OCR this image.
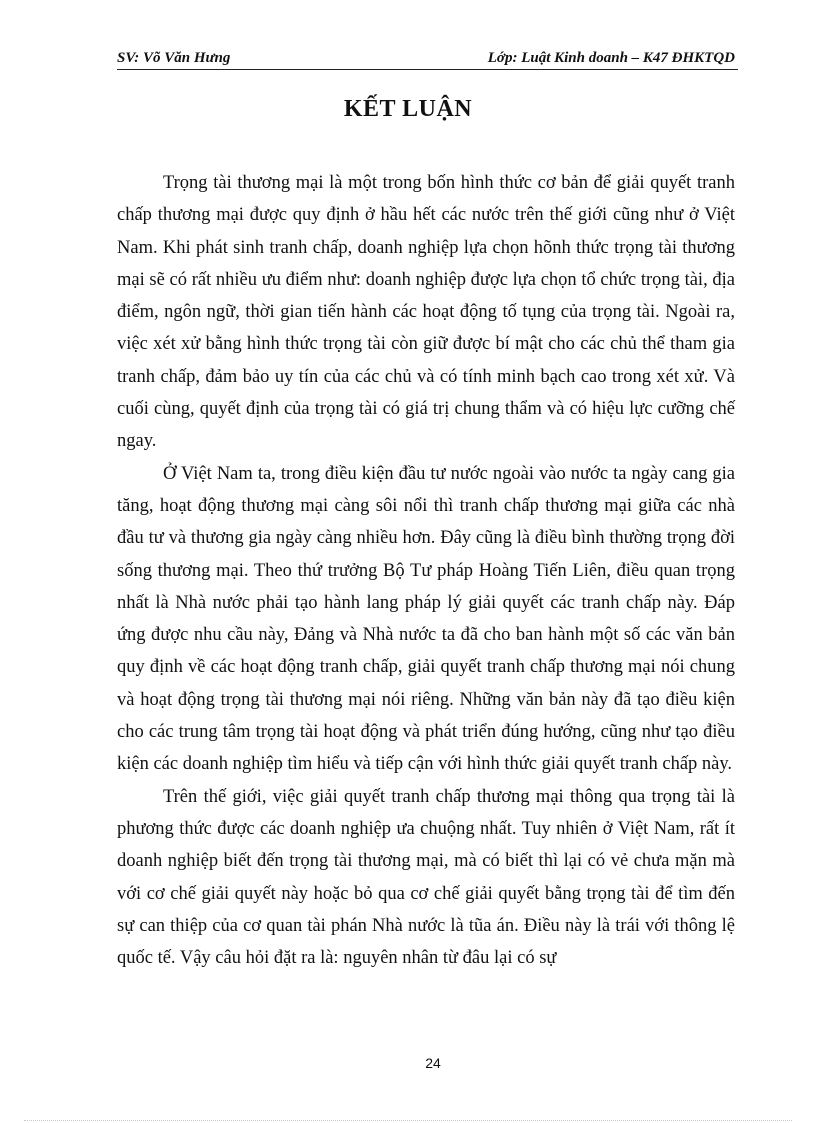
SV: Võ Văn Hưng	Lớp: Luật Kinh doanh – K47 ĐHKTQD
KẾT LUẬN

Trọng tài thương mại là một trong bốn hình thức cơ bản để giải quyết tranh chấp thương mại được quy định ở hầu hết các nước trên thế giới cũng như ở Việt Nam. Khi phát sinh tranh chấp, doanh nghiệp lựa chọn hõnh thức trọng tài thương mại sẽ có rất nhiều ưu điểm như: doanh nghiệp được lựa chọn tổ chức trọng tài, địa điểm, ngôn ngữ, thời gian tiến hành các hoạt động tố tụng của trọng tài. Ngoài ra, việc xét xử bằng hình thức trọng tài còn giữ được bí mật cho các chủ thể tham gia tranh chấp, đảm bảo uy tín của các chủ và có tính minh bạch cao trong xét xử. Và cuối cùng, quyết định của trọng tài có giá trị chung thẩm và có hiệu lực cưỡng chế ngay.

Ở Việt Nam ta, trong điều kiện đầu tư nước ngoài vào nước ta ngày cang gia tăng, hoạt động thương mại càng sôi nổi thì tranh chấp thương mại giữa các nhà đầu tư và thương gia ngày càng nhiều hơn. Đây cũng là điều bình thường trọng đời sống thương mại. Theo thứ trưởng Bộ Tư pháp Hoàng Tiến Liên, điều quan trọng nhất là Nhà nước phải tạo hành lang pháp lý giải quyết các tranh chấp này. Đáp ứng được nhu cầu này, Đảng và Nhà nước ta đã cho ban hành một số các văn bản quy định về các hoạt động tranh chấp, giải quyết tranh chấp thương mại nói chung và hoạt động trọng tài thương mại nói riêng. Những văn bản này đã tạo điều kiện cho các trung tâm trọng tài hoạt động và phát triển đúng hướng, cũng như tạo điều kiện các doanh nghiệp tìm hiểu và tiếp cận với hình thức giải quyết tranh chấp này.

Trên thế giới, việc giải quyết tranh chấp thương mại thông qua trọng tài là phương thức được các doanh nghiệp ưa chuộng nhất. Tuy nhiên ở Việt Nam, rất ít doanh nghiệp biết đến trọng tài thương mại, mà có biết thì lại có vẻ chưa mặn mà với cơ chế giải quyết này hoặc bỏ qua cơ chế giải quyết bằng trọng tài để tìm đến sự can thiệp của cơ quan tài phán Nhà nước là tũa án. Điều này là trái với thông lệ quốc tế. Vậy câu hỏi đặt ra là: nguyên nhân từ đâu lại có sự

24
